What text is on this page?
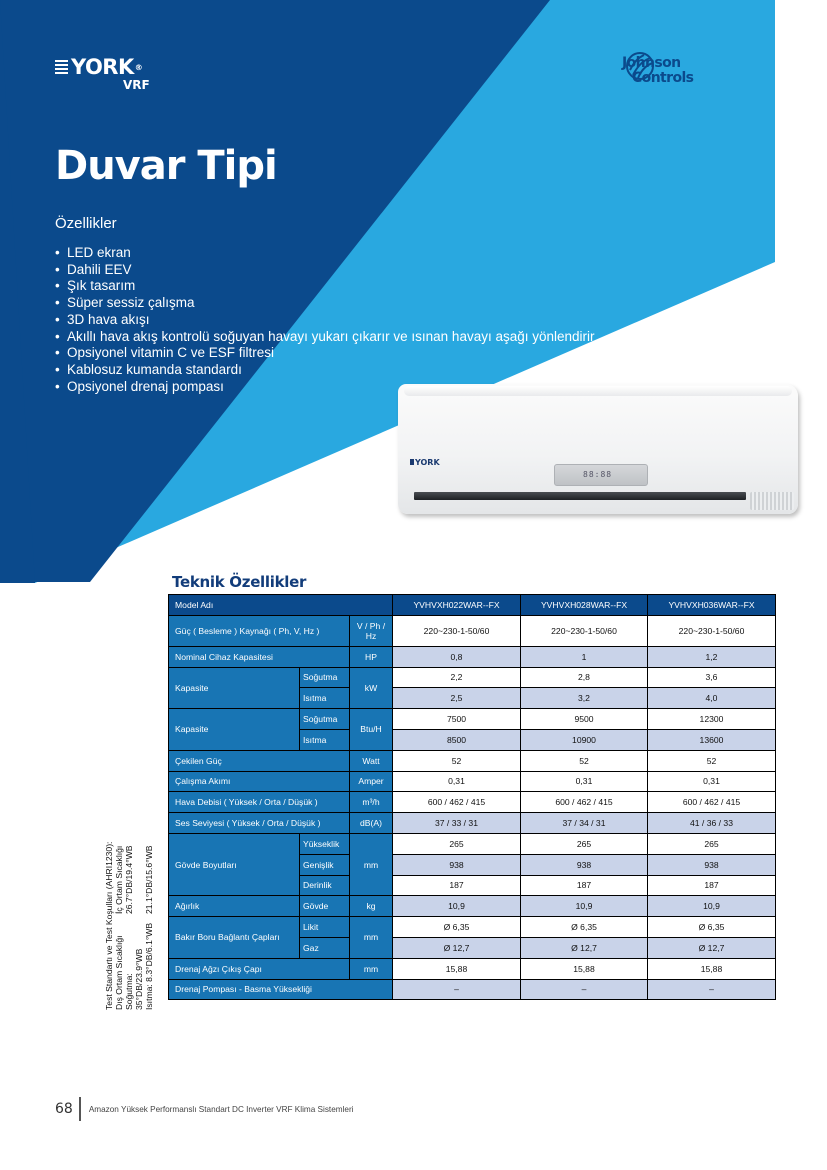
YORK ®
VRF
Johnson
Controls
Duvar Tipi
Özellikler
• LED ekran
• Dahili EEV
• Şık tasarım
• Süper sessiz çalışma
• 3D hava akışı
• Akıllı hava akış kontrolü soğuyan havayı yukarı çıkarır ve ısınan havayı aşağı yönlendirir
• Opsiyonel vitamin C ve ESF filtresi
• Kablosuz kumanda standardı
• Opsiyonel drenaj pompası
YORK
88:88
Teknik Özellikler
Model Adı			YVHVXH022WAR--FX	YVHVXH028WAR--FX	YVHVXH036WAR--FX
Güç ( Besleme ) Kaynağı ( Ph, V, Hz )		V / Ph / Hz	220~230-1-50/60	220~230-1-50/60	220~230-1-50/60
Nominal Cihaz Kapasitesi		HP	0,8	1	1,2
Kapasite	Soğutma	kW	2,2	2,8	3,6
	Isıtma		2,5	3,2	4,0
Kapasite	Soğutma	Btu/H	7500	9500	12300
	Isıtma		8500	10900	13600
Çekilen Güç		Watt	52	52	52
Çalışma Akımı		Amper	0,31	0,31	0,31
Hava Debisi ( Yüksek / Orta / Düşük )		m³/h	600 / 462 / 415	600 / 462 / 415	600 / 462 / 415
Ses Seviyesi ( Yüksek / Orta / Düşük )		dB(A)	37 / 33 / 31	37 / 34 / 31	41 / 36 / 33
Gövde Boyutları	Yükseklik	mm	265	265	265
	Genişlik		938	938	938
	Derinlik		187	187	187
Ağırlık	Gövde	kg	10,9	10,9	10,9
Bakır Boru Bağlantı Çapları	Likit	mm	Ø 6,35	Ø 6,35	Ø 6,35
	Gaz		Ø 12,7	Ø 12,7	Ø 12,7
Drenaj Ağzı Çıkış Çapı		mm	15,88	15,88	15,88
Drenaj Pompası - Basma Yüksekliği			–	–	–
Test Standartı ve Test Koşulları (AHRI1230): Dış Ortam Sıcaklığı
İç Ortam Sıcaklığı
Soğutma: 35°DB/23.9°WB
26.7°DB/19.4°WB
Isıtma: 8.3°DB/6.1°WB
21.1°DB/15.6°WB
68 Amazon Yüksek Performanslı Standart DC Inverter VRF Klima Sistemleri
